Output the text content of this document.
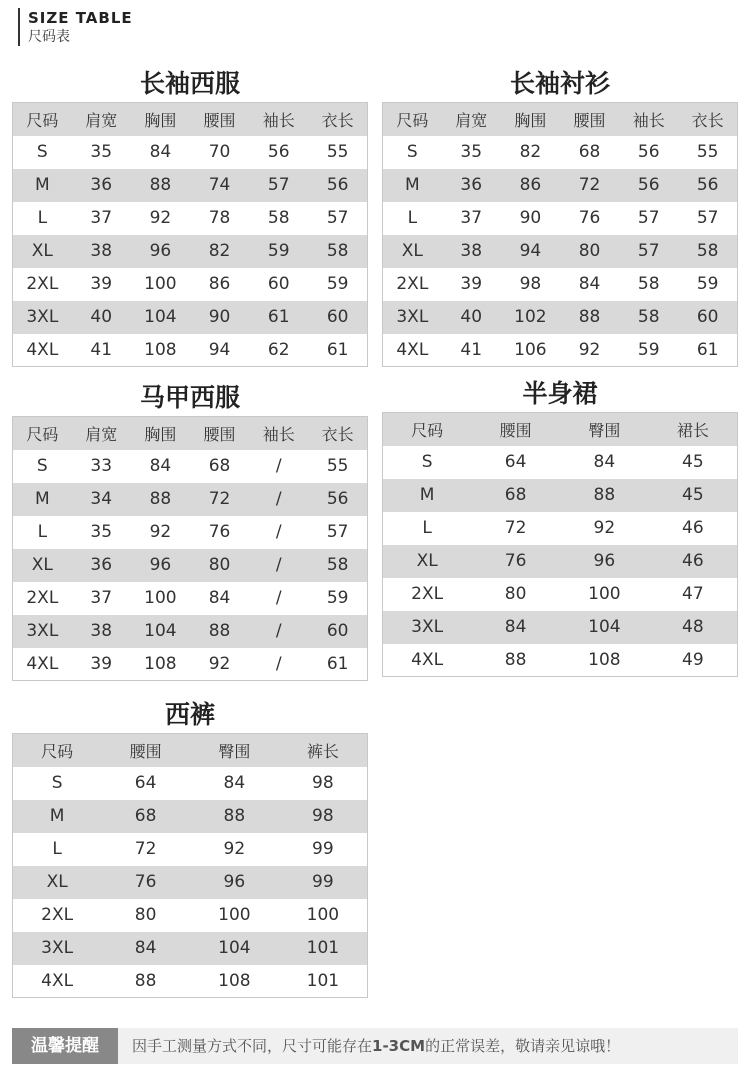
SIZE TABLE
尺码表
长袖西服
尺码	肩宽	胸围	腰围	袖长	衣长
S	35	84	70	56	55
M	36	88	74	57	56
L	37	92	78	58	57
XL	38	96	82	59	58
2XL	39	100	86	60	59
3XL	40	104	90	61	60
4XL	41	108	94	62	61
长袖衬衫
尺码	肩宽	胸围	腰围	袖长	衣长
S	35	82	68	56	55
M	36	86	72	56	56
L	37	90	76	57	57
XL	38	94	80	57	58
2XL	39	98	84	58	59
3XL	40	102	88	58	60
4XL	41	106	92	59	61
马甲西服
尺码	肩宽	胸围	腰围	袖长	衣长
S	33	84	68	/	55
M	34	88	72	/	56
L	35	92	76	/	57
XL	36	96	80	/	58
2XL	37	100	84	/	59
3XL	38	104	88	/	60
4XL	39	108	92	/	61
半身裙
尺码	腰围	臀围	裙长
S	64	84	45
M	68	88	45
L	72	92	46
XL	76	96	46
2XL	80	100	47
3XL	84	104	48
4XL	88	108	49
西裤
尺码	腰围	臀围	裤长
S	64	84	98
M	68	88	98
L	72	92	99
XL	76	96	99
2XL	80	100	100
3XL	84	104	101
4XL	88	108	101
温馨提醒	因手工测量方式不同，尺寸可能存在1-3CM的正常误差，敬请亲见谅哦！
